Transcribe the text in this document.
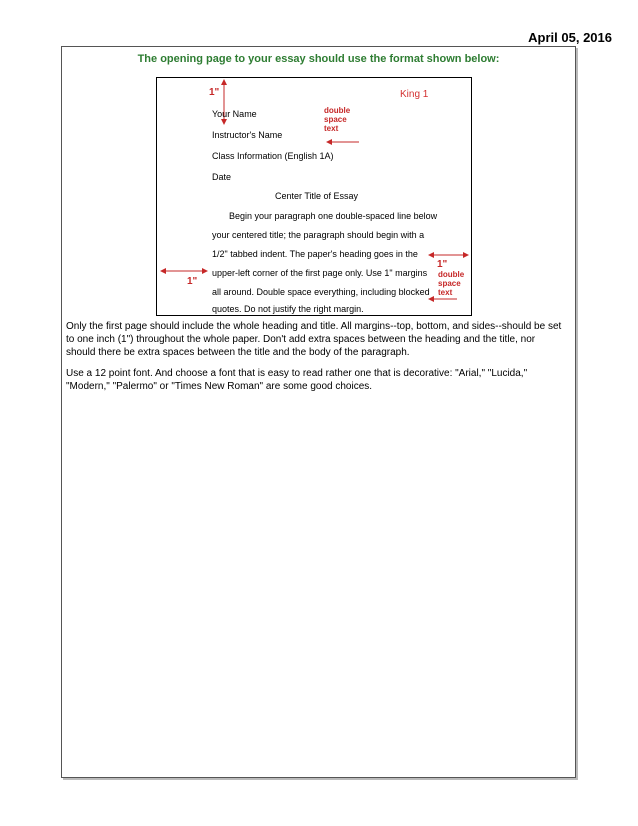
April 05, 2016
The opening page to your essay should use the format shown below:
King 1
1"
1"
1"
double
space
text
double
space
text
Your Name
Instructor's Name
Class Information (English 1A)
Date
Center Title of Essay
Begin your paragraph one double-spaced line below
your centered title; the paragraph should begin with a
1/2" tabbed indent. The paper's heading goes in the
upper-left corner of the first page only. Use 1" margins
all around. Double space everything, including blocked
quotes. Do not justify the right margin.
Only the first page should include the whole heading and title. All margins--top, bottom, and sides--should be set to one inch (1") throughout the whole paper. Don't add extra spaces between the heading and the title, nor should there be extra spaces between the title and the body of the paragraph.
Use a 12 point font. And choose a font that is easy to read rather one that is decorative: "Arial," "Lucida," "Modern," "Palermo" or "Times New Roman" are some good choices.
